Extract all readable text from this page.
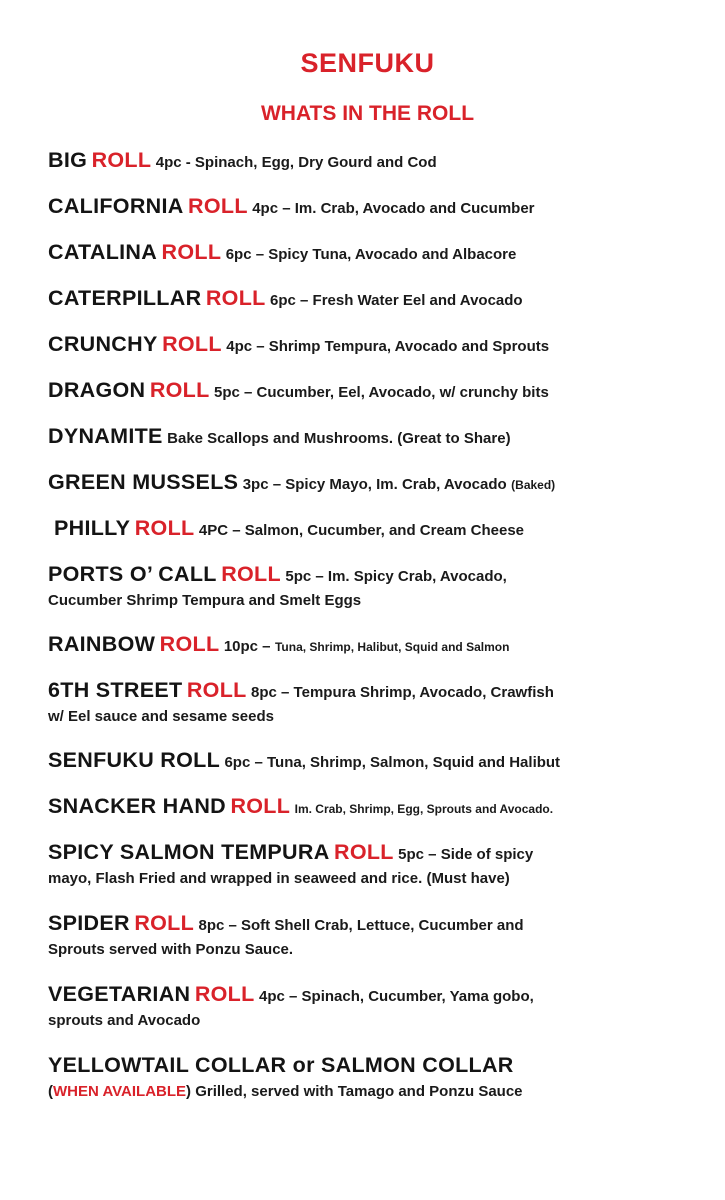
SENFUKU
WHATS IN THE ROLL
BIG ROLL 4pc - Spinach, Egg, Dry Gourd and Cod
CALIFORNIA ROLL 4pc – Im. Crab, Avocado and Cucumber
CATALINA ROLL 6pc – Spicy Tuna, Avocado and Albacore
CATERPILLAR ROLL 6pc – Fresh Water Eel and Avocado
CRUNCHY ROLL 4pc – Shrimp Tempura, Avocado and Sprouts
DRAGON ROLL 5pc – Cucumber, Eel, Avocado, w/ crunchy bits
DYNAMITE Bake Scallops and Mushrooms. (Great to Share)
GREEN MUSSELS 3pc – Spicy Mayo, Im. Crab, Avocado (Baked)
PHILLY ROLL 4PC – Salmon, Cucumber, and Cream Cheese
PORTS O’ CALL ROLL 5pc – Im. Spicy Crab, Avocado,
Cucumber Shrimp Tempura and Smelt Eggs
RAINBOW ROLL 10pc – Tuna, Shrimp, Halibut, Squid and Salmon
6TH STREET ROLL 8pc – Tempura Shrimp, Avocado, Crawfish
w/ Eel sauce and sesame seeds
SENFUKU ROLL 6pc – Tuna, Shrimp, Salmon, Squid and Halibut
SNACKER HAND ROLL Im. Crab, Shrimp, Egg, Sprouts and Avocado.
SPICY SALMON TEMPURA ROLL 5pc – Side of spicy
mayo, Flash Fried and wrapped in seaweed and rice. (Must have)
SPIDER ROLL 8pc – Soft Shell Crab, Lettuce, Cucumber and
Sprouts served with Ponzu Sauce.
VEGETARIAN ROLL 4pc – Spinach, Cucumber, Yama gobo,
sprouts and Avocado
YELLOWTAIL COLLAR or SALMON COLLAR
(WHEN AVAILABLE) Grilled, served with Tamago and Ponzu Sauce
